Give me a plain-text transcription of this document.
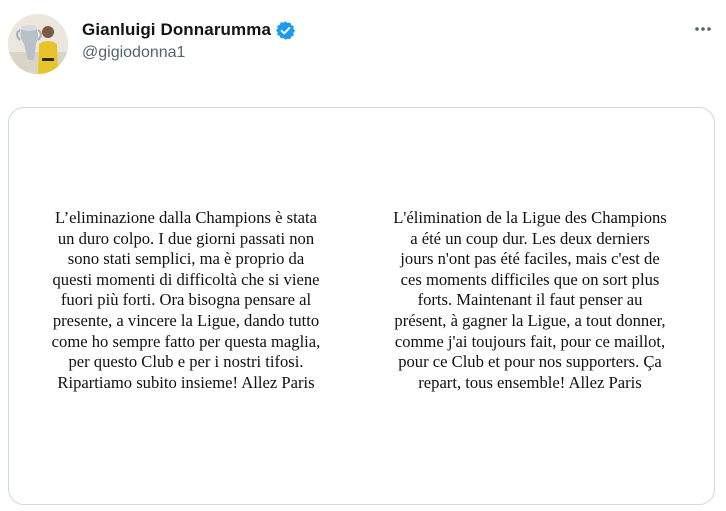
Gianluigi Donnarumma
@gigiodonna1
L’eliminazione dalla Champions è stata
un duro colpo. I due giorni passati non
sono stati semplici, ma è proprio da
questi momenti di difficoltà che si viene
fuori più forti. Ora bisogna pensare al
presente, a vincere la Ligue, dando tutto
come ho sempre fatto per questa maglia,
per questo Club e per i nostri tifosi.
Ripartiamo subito insieme! Allez Paris
L'élimination de la Ligue des Champions
a été un coup dur. Les deux derniers
jours n'ont pas été faciles, mais c'est de
ces moments difficiles que on sort plus
forts. Maintenant il faut penser au
présent, à gagner la Ligue, a tout donner,
comme j'ai toujours fait, pour ce maillot,
pour ce Club et pour nos supporters. Ça
repart, tous ensemble! Allez Paris
